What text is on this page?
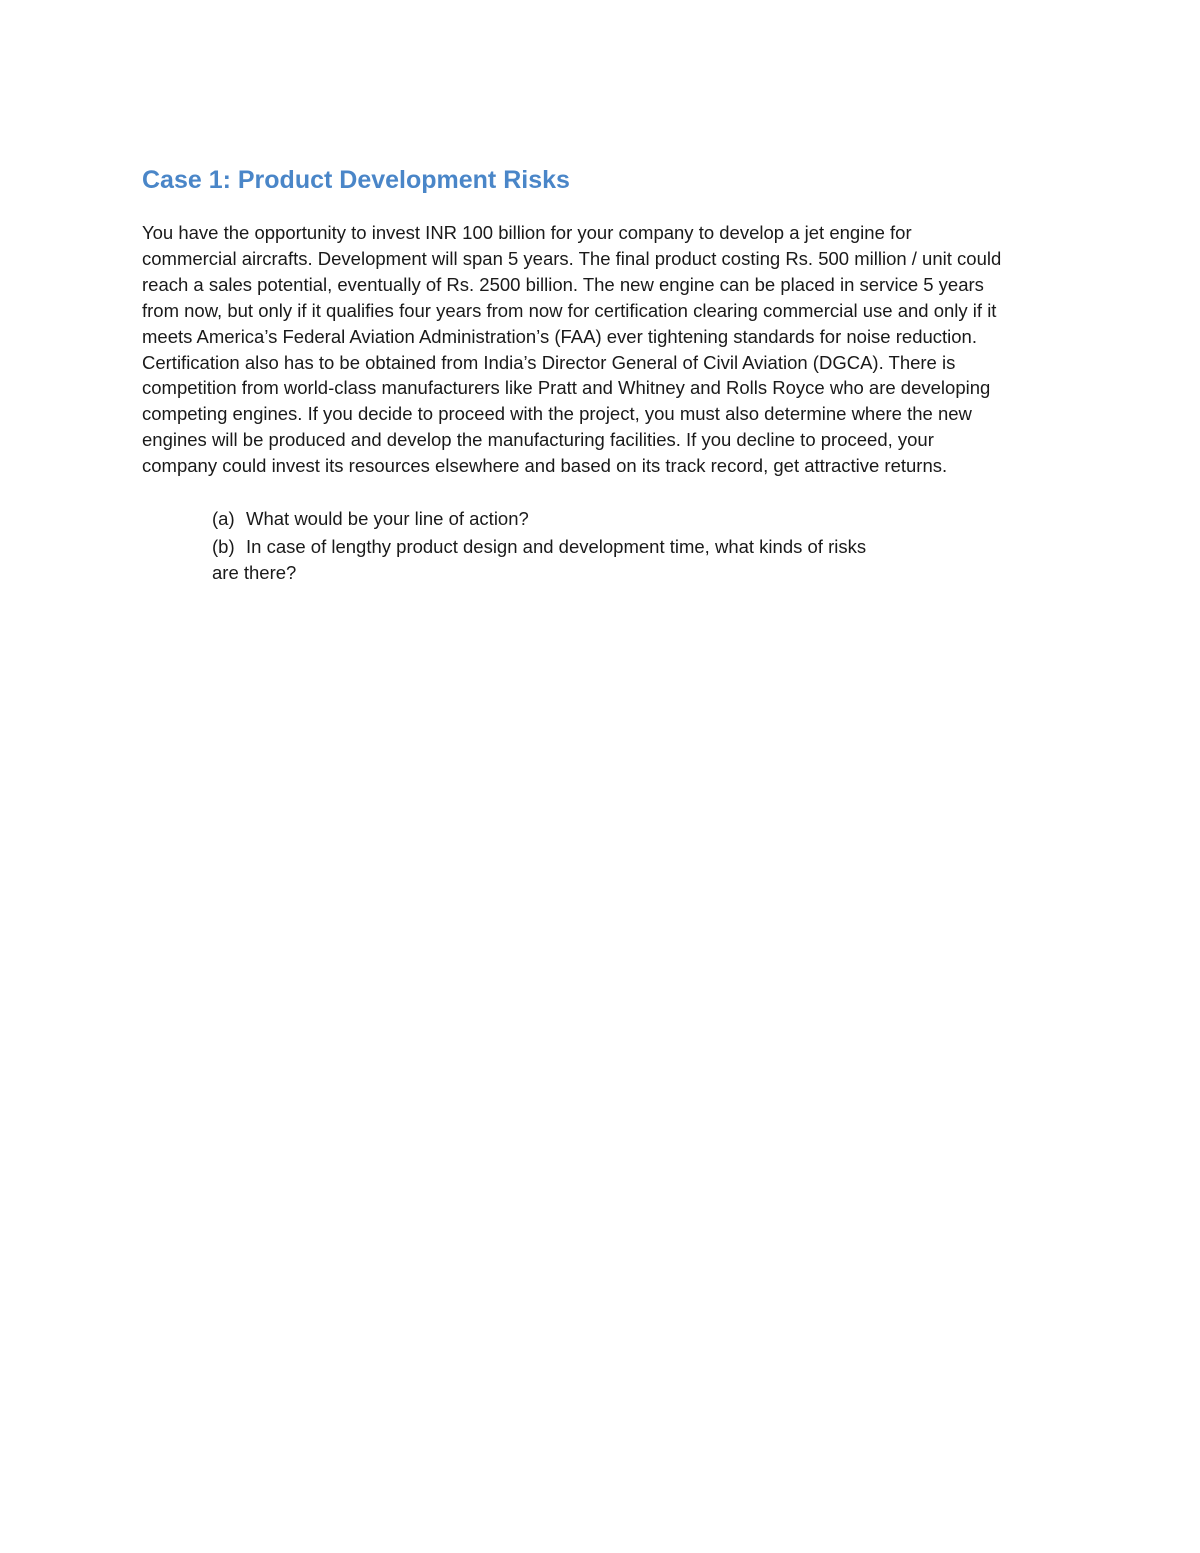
Case 1: Product Development Risks

You have the opportunity to invest INR 100 billion for your company to develop a jet engine for
commercial aircrafts. Development will span 5 years. The final product costing Rs. 500 million / unit could
reach a sales potential, eventually of Rs. 2500 billion. The new engine can be placed in service 5 years
from now, but only if it qualifies four years from now for certification clearing commercial use and only if it
meets America’s Federal Aviation Administration’s (FAA) ever tightening standards for noise reduction.
Certification also has to be obtained from India’s Director General of Civil Aviation (DGCA). There is
competition from world-class manufacturers like Pratt and Whitney and Rolls Royce who are developing
competing engines. If you decide to proceed with the project, you must also determine where the new
engines will be produced and develop the manufacturing facilities. If you decline to proceed, your
company could invest its resources elsewhere and based on its track record, get attractive returns.

(a) What would be your line of action?
(b) In case of lengthy product design and development time, what kinds of risks
are there?
